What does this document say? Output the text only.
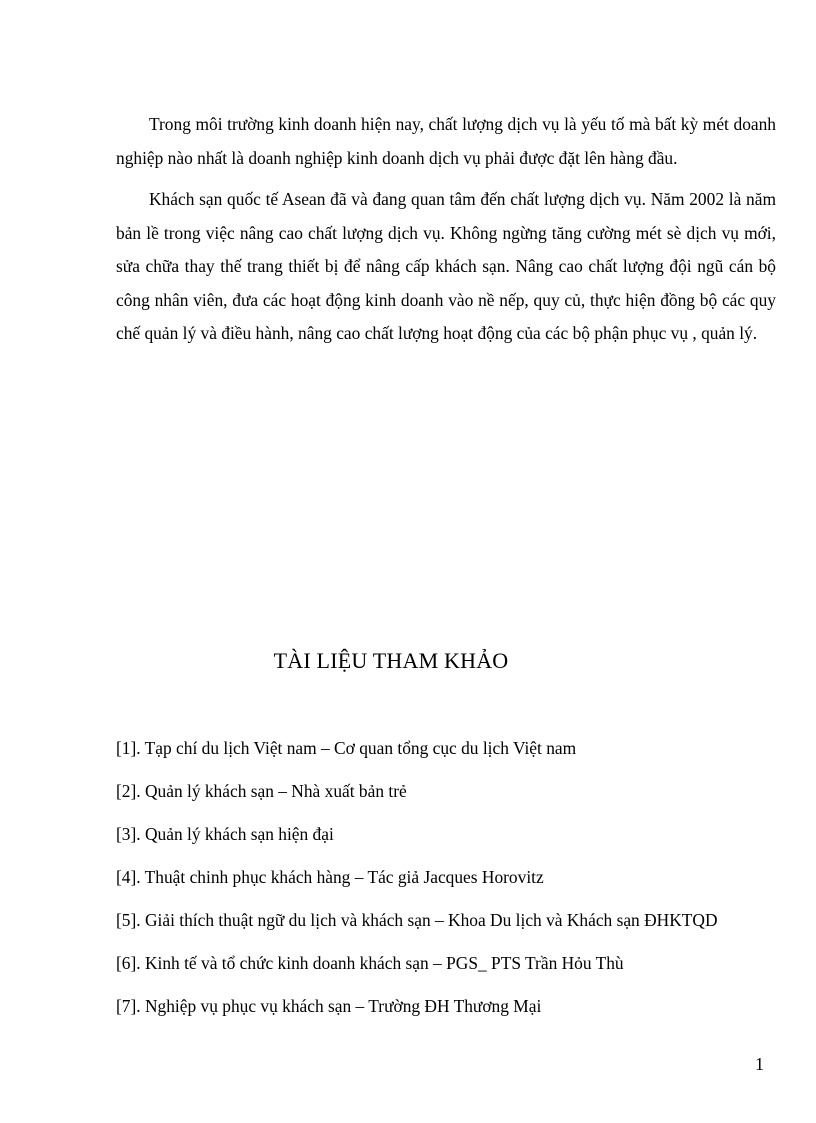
Trong môi trường kinh doanh hiện nay, chất lượng dịch vụ là yếu tố mà bất kỳ mét doanh nghiệp nào nhất là doanh nghiệp kinh doanh dịch vụ phải được đặt lên hàng đầu.

Khách sạn quốc tế Asean đã và đang quan tâm đến chất lượng dịch vụ. Năm 2002 là năm bản lề trong việc nâng cao chất lượng dịch vụ. Không ngừng tăng cường mét sè dịch vụ mới, sửa chữa thay thế trang thiết bị để nâng cấp khách sạn. Nâng cao chất lượng đội ngũ cán bộ công nhân viên, đưa các hoạt động kinh doanh vào nề nếp, quy củ, thực hiện đồng bộ các quy chế quản lý và điều hành, nâng cao chất lượng hoạt động của các bộ phận phục vụ , quản lý.

TÀI LIỆU THAM KHẢO
[1]. Tạp chí du lịch Việt nam – Cơ quan tổng cục du lịch Việt nam
[2]. Quản lý khách sạn – Nhà xuất bản trẻ
[3]. Quản lý khách sạn hiện đại
[4]. Thuật chinh phục khách hàng – Tác giả Jacques Horovitz
[5]. Giải thích thuật ngữ du lịch và khách sạn – Khoa Du lịch và Khách sạn ĐHKTQD
[6]. Kinh tế và tổ chức kinh doanh khách sạn – PGS_ PTS Trần Hỏu Thù
[7]. Nghiệp vụ phục vụ khách sạn – Trường ĐH Thương Mại
1
